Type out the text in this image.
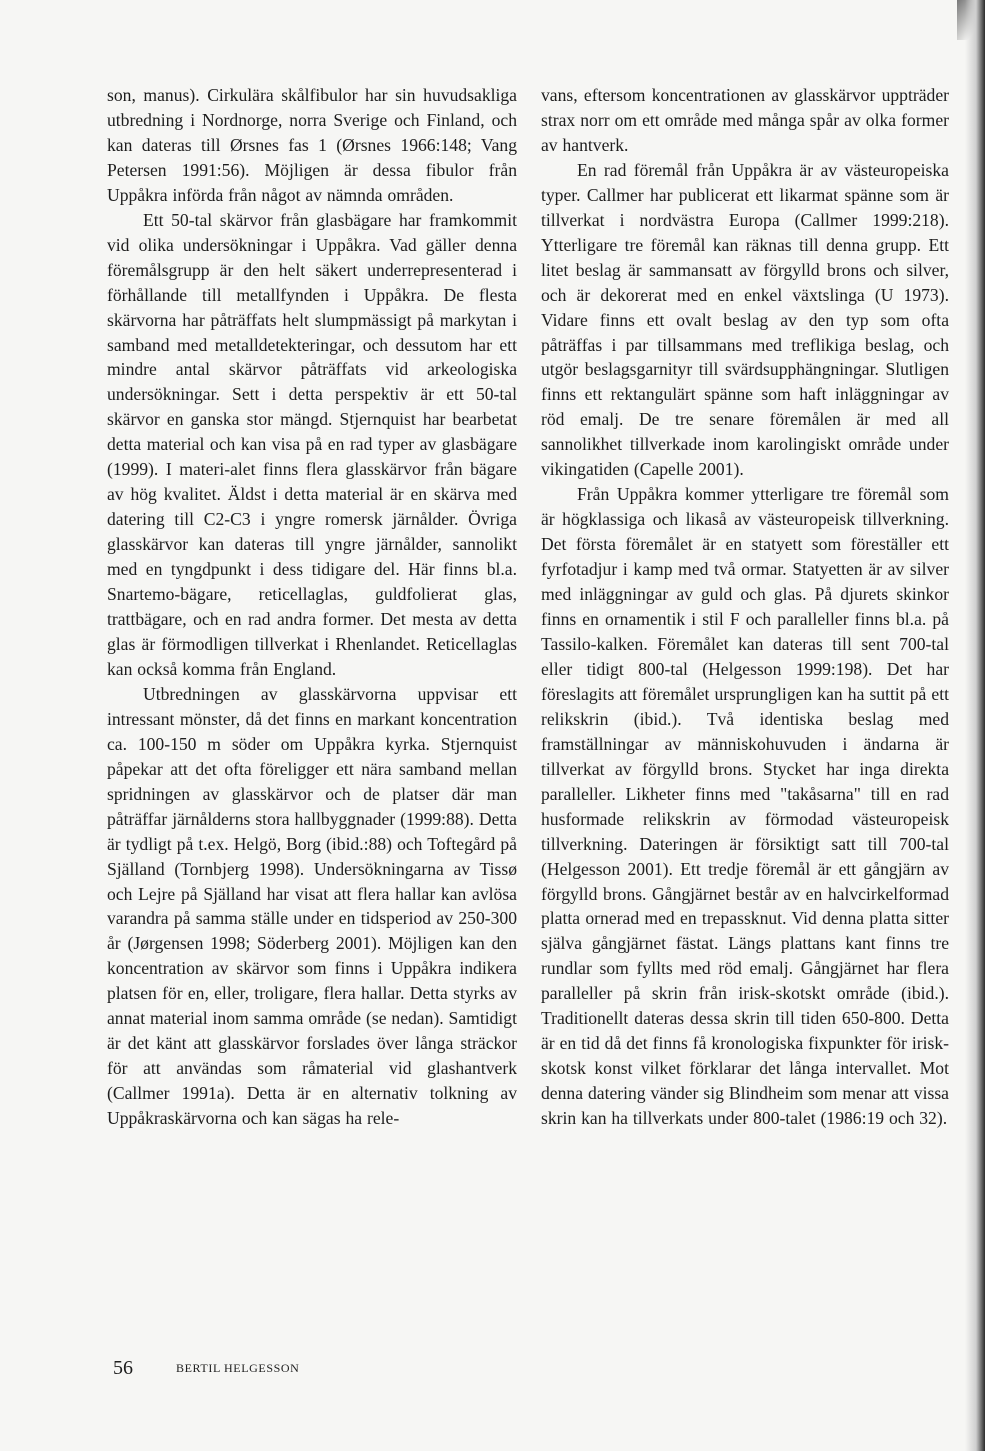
son, manus). Cirkulära skålfibulor har sin huvudsakliga utbredning i Nordnorge, norra Sverige och Finland, och kan dateras till Ørsnes fas 1 (Ørsnes 1966:148; Vang Petersen 1991:56). Möjligen är dessa fibulor från Uppåkra införda från något av nämnda områden.

Ett 50-tal skärvor från glasbägare har framkommit vid olika undersökningar i Uppåkra. Vad gäller denna föremålsgrupp är den helt säkert underrepresenterad i förhållande till metallfynden i Uppåkra. De flesta skärvorna har påträffats helt slumpmässigt på markytan i samband med metalldetekteringar, och dessutom har ett mindre antal skärvor påträffats vid arkeologiska undersökningar. Sett i detta perspektiv är ett 50-tal skärvor en ganska stor mängd. Stjernquist har bearbetat detta material och kan visa på en rad typer av glasbägare (1999). I materi-alet finns flera glasskärvor från bägare av hög kvalitet. Äldst i detta material är en skärva med datering till C2-C3 i yngre romersk järnålder. Övriga glasskärvor kan dateras till yngre järnålder, sannolikt med en tyngdpunkt i dess tidigare del. Här finns bl.a. Snartemo-bägare, reticellaglas, guldfolierat glas, trattbägare, och en rad andra former. Det mesta av detta glas är förmodligen tillverkat i Rhenlandet. Reticellaglas kan också komma från England.

Utbredningen av glasskärvorna uppvisar ett intressant mönster, då det finns en markant koncentration ca. 100-150 m söder om Uppåkra kyrka. Stjernquist påpekar att det ofta föreligger ett nära samband mellan spridningen av glasskärvor och de platser där man påträffar järnålderns stora hallbyggnader (1999:88). Detta är tydligt på t.ex. Helgö, Borg (ibid.:88) och Toftegård på Själland (Tornbjerg 1998). Undersökningarna av Tissø och Lejre på Själland har visat att flera hallar kan avlösa varandra på samma ställe under en tidsperiod av 250-300 år (Jørgensen 1998; Söderberg 2001). Möjligen kan den koncentration av skärvor som finns i Uppåkra indikera platsen för en, eller, troligare, flera hallar. Detta styrks av annat material inom samma område (se nedan). Samtidigt är det känt att glasskärvor forslades över långa sträckor för att användas som råmaterial vid glashantverk (Callmer 1991a). Detta är en alternativ tolkning av Uppåkraskärvorna och kan sägas ha rele-

vans, eftersom koncentrationen av glasskärvor uppträder strax norr om ett område med många spår av olka former av hantverk.

En rad föremål från Uppåkra är av västeuropeiska typer. Callmer har publicerat ett likarmat spänne som är tillverkat i nordvästra Europa (Callmer 1999:218). Ytterligare tre föremål kan räknas till denna grupp. Ett litet beslag är sammansatt av förgylld brons och silver, och är dekorerat med en enkel växtslinga (U 1973). Vidare finns ett ovalt beslag av den typ som ofta påträffas i par tillsammans med treflikiga beslag, och utgör beslagsgarnityr till svärdsupphängningar. Slutligen finns ett rektangulärt spänne som haft inläggningar av röd emalj. De tre senare föremålen är med all sannolikhet tillverkade inom karolingiskt område under vikingatiden (Capelle 2001).

Från Uppåkra kommer ytterligare tre föremål som är högklassiga och likaså av västeuropeisk tillverkning. Det första föremålet är en statyett som föreställer ett fyrfotadjur i kamp med två ormar. Statyetten är av silver med inläggningar av guld och glas. På djurets skinkor finns en ornamentik i stil F och paralleller finns bl.a. på Tassilo-kalken. Föremålet kan dateras till sent 700-tal eller tidigt 800-tal (Helgesson 1999:198). Det har föreslagits att föremålet ursprungligen kan ha suttit på ett relikskrin (ibid.). Två identiska beslag med framställningar av människohuvuden i ändarna är tillverkat av förgylld brons. Stycket har inga direkta paralleller. Likheter finns med "takåsarna" till en rad husformade relikskrin av förmodad västeuropeisk tillverkning. Dateringen är försiktigt satt till 700-tal (Helgesson 2001). Ett tredje föremål är ett gångjärn av förgylld brons. Gångjärnet består av en halvcirkelformad platta ornerad med en trepassknut. Vid denna platta sitter själva gångjärnet fästat. Längs plattans kant finns tre rundlar som fyllts med röd emalj. Gångjärnet har flera paralleller på skrin från irisk-skotskt område (ibid.). Traditionellt dateras dessa skrin till tiden 650-800. Detta är en tid då det finns få kronologiska fixpunkter för irisk-skotsk konst vilket förklarar det långa intervallet. Mot denna datering vänder sig Blindheim som menar att vissa skrin kan ha tillverkats under 800-talet (1986:19 och 32).

56	BERTIL HELGESSON
